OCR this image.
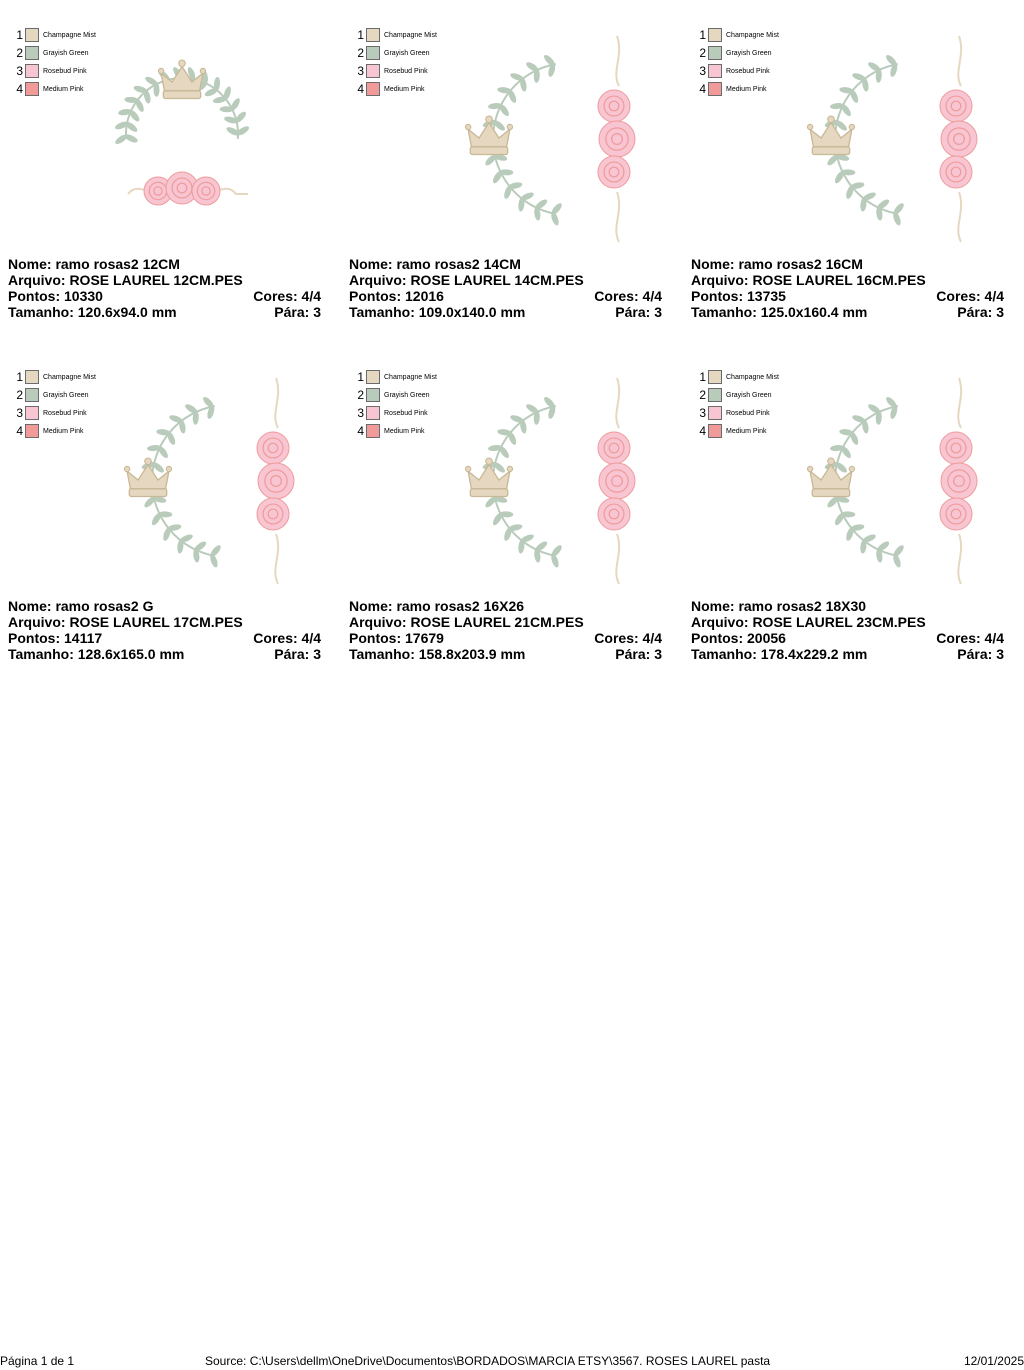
1	Champagne Mist
2	Grayish Green
3	Rosebud Pink
4	Medium Pink
Nome: ramo rosas2 12CM
Arquivo: ROSE LAUREL 12CM.PES
Pontos: 10330	Cores: 4/4
Tamanho: 120.6x94.0 mm	Pára: 3
1	Champagne Mist
2	Grayish Green
3	Rosebud Pink
4	Medium Pink
Nome: ramo rosas2 14CM
Arquivo: ROSE LAUREL 14CM.PES
Pontos: 12016	Cores: 4/4
Tamanho: 109.0x140.0 mm	Pára: 3
1	Champagne Mist
2	Grayish Green
3	Rosebud Pink
4	Medium Pink
Nome: ramo rosas2 16CM
Arquivo: ROSE LAUREL 16CM.PES
Pontos: 13735	Cores: 4/4
Tamanho: 125.0x160.4 mm	Pára: 3
1	Champagne Mist
2	Grayish Green
3	Rosebud Pink
4	Medium Pink
Nome: ramo rosas2 G
Arquivo: ROSE LAUREL 17CM.PES
Pontos: 14117	Cores: 4/4
Tamanho: 128.6x165.0 mm	Pára: 3
1	Champagne Mist
2	Grayish Green
3	Rosebud Pink
4	Medium Pink
Nome: ramo rosas2 16X26
Arquivo: ROSE LAUREL 21CM.PES
Pontos: 17679	Cores: 4/4
Tamanho: 158.8x203.9 mm	Pára: 3
1	Champagne Mist
2	Grayish Green
3	Rosebud Pink
4	Medium Pink
Nome: ramo rosas2 18X30
Arquivo: ROSE LAUREL 23CM.PES
Pontos: 20056	Cores: 4/4
Tamanho: 178.4x229.2 mm	Pára: 3
Página 1 de 1	Source: C:\Users\dellm\OneDrive\Documentos\BORDADOS\MARCIA ETSY\3567. ROSES LAUREL pasta	12/01/2025
